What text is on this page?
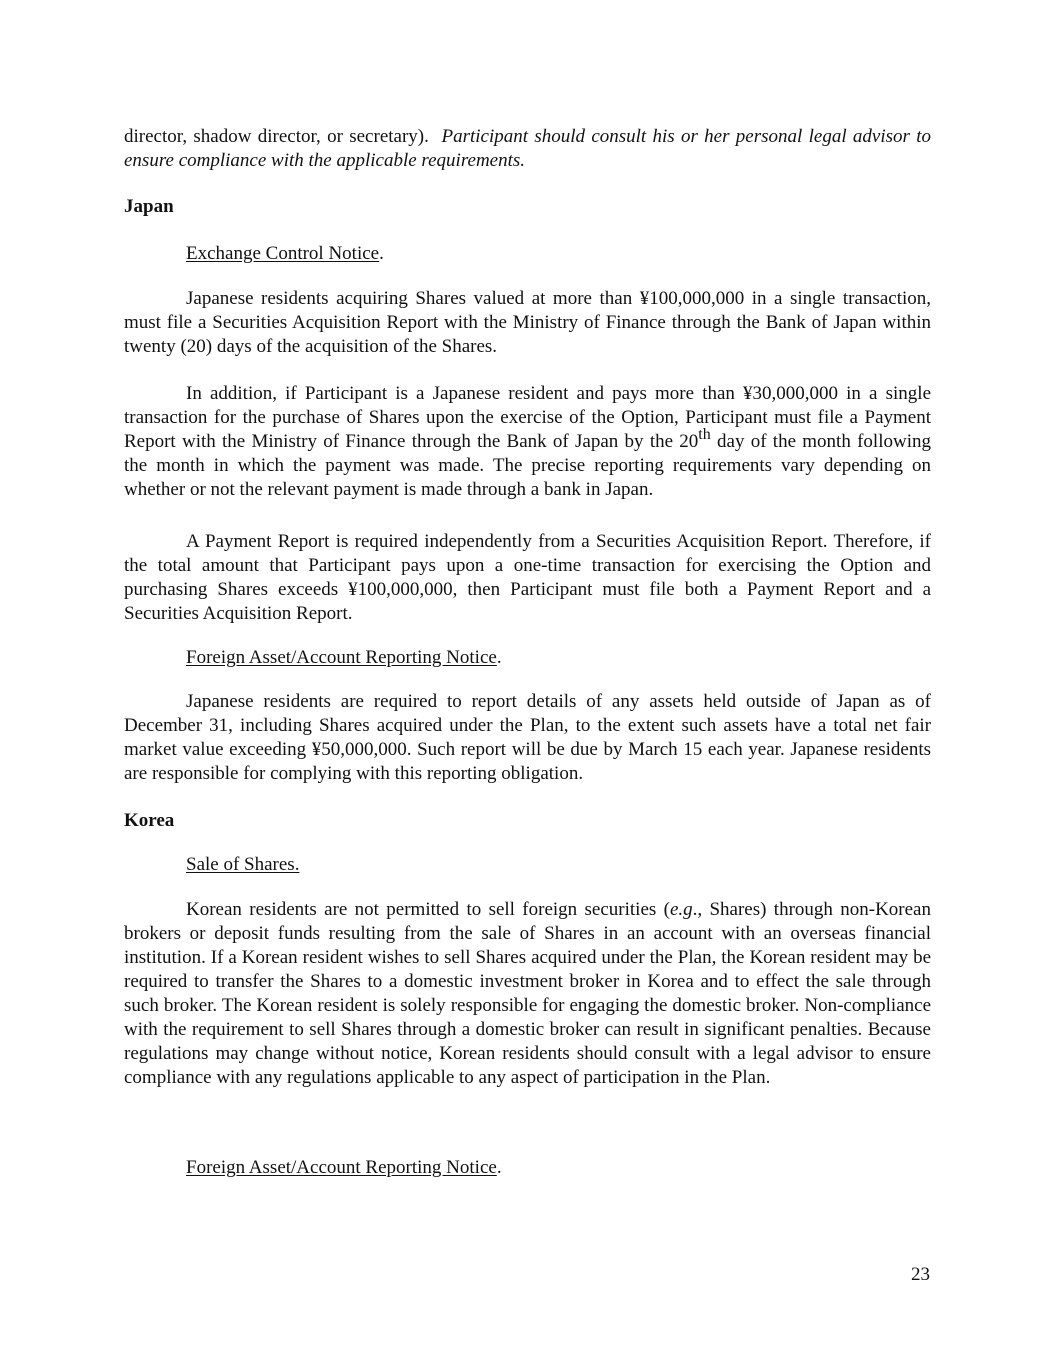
director, shadow director, or secretary). Participant should consult his or her personal legal advisor to ensure compliance with the applicable requirements.

Japan

Exchange Control Notice.

Japanese residents acquiring Shares valued at more than ¥100,000,000 in a single transaction, must file a Securities Acquisition Report with the Ministry of Finance through the Bank of Japan within twenty (20) days of the acquisition of the Shares.

In addition, if Participant is a Japanese resident and pays more than ¥30,000,000 in a single transaction for the purchase of Shares upon the exercise of the Option, Participant must file a Payment Report with the Ministry of Finance through the Bank of Japan by the 20th day of the month following the month in which the payment was made. The precise reporting requirements vary depending on whether or not the relevant payment is made through a bank in Japan.

A Payment Report is required independently from a Securities Acquisition Report. Therefore, if the total amount that Participant pays upon a one-time transaction for exercising the Option and purchasing Shares exceeds ¥100,000,000, then Participant must file both a Payment Report and a Securities Acquisition Report.

Foreign Asset/Account Reporting Notice.

Japanese residents are required to report details of any assets held outside of Japan as of December 31, including Shares acquired under the Plan, to the extent such assets have a total net fair market value exceeding ¥50,000,000. Such report will be due by March 15 each year. Japanese residents are responsible for complying with this reporting obligation.

Korea

Sale of Shares.

Korean residents are not permitted to sell foreign securities (e.g., Shares) through non-Korean brokers or deposit funds resulting from the sale of Shares in an account with an overseas financial institution. If a Korean resident wishes to sell Shares acquired under the Plan, the Korean resident may be required to transfer the Shares to a domestic investment broker in Korea and to effect the sale through such broker. The Korean resident is solely responsible for engaging the domestic broker. Non-compliance with the requirement to sell Shares through a domestic broker can result in significant penalties. Because regulations may change without notice, Korean residents should consult with a legal advisor to ensure compliance with any regulations applicable to any aspect of participation in the Plan.

Foreign Asset/Account Reporting Notice.

23
